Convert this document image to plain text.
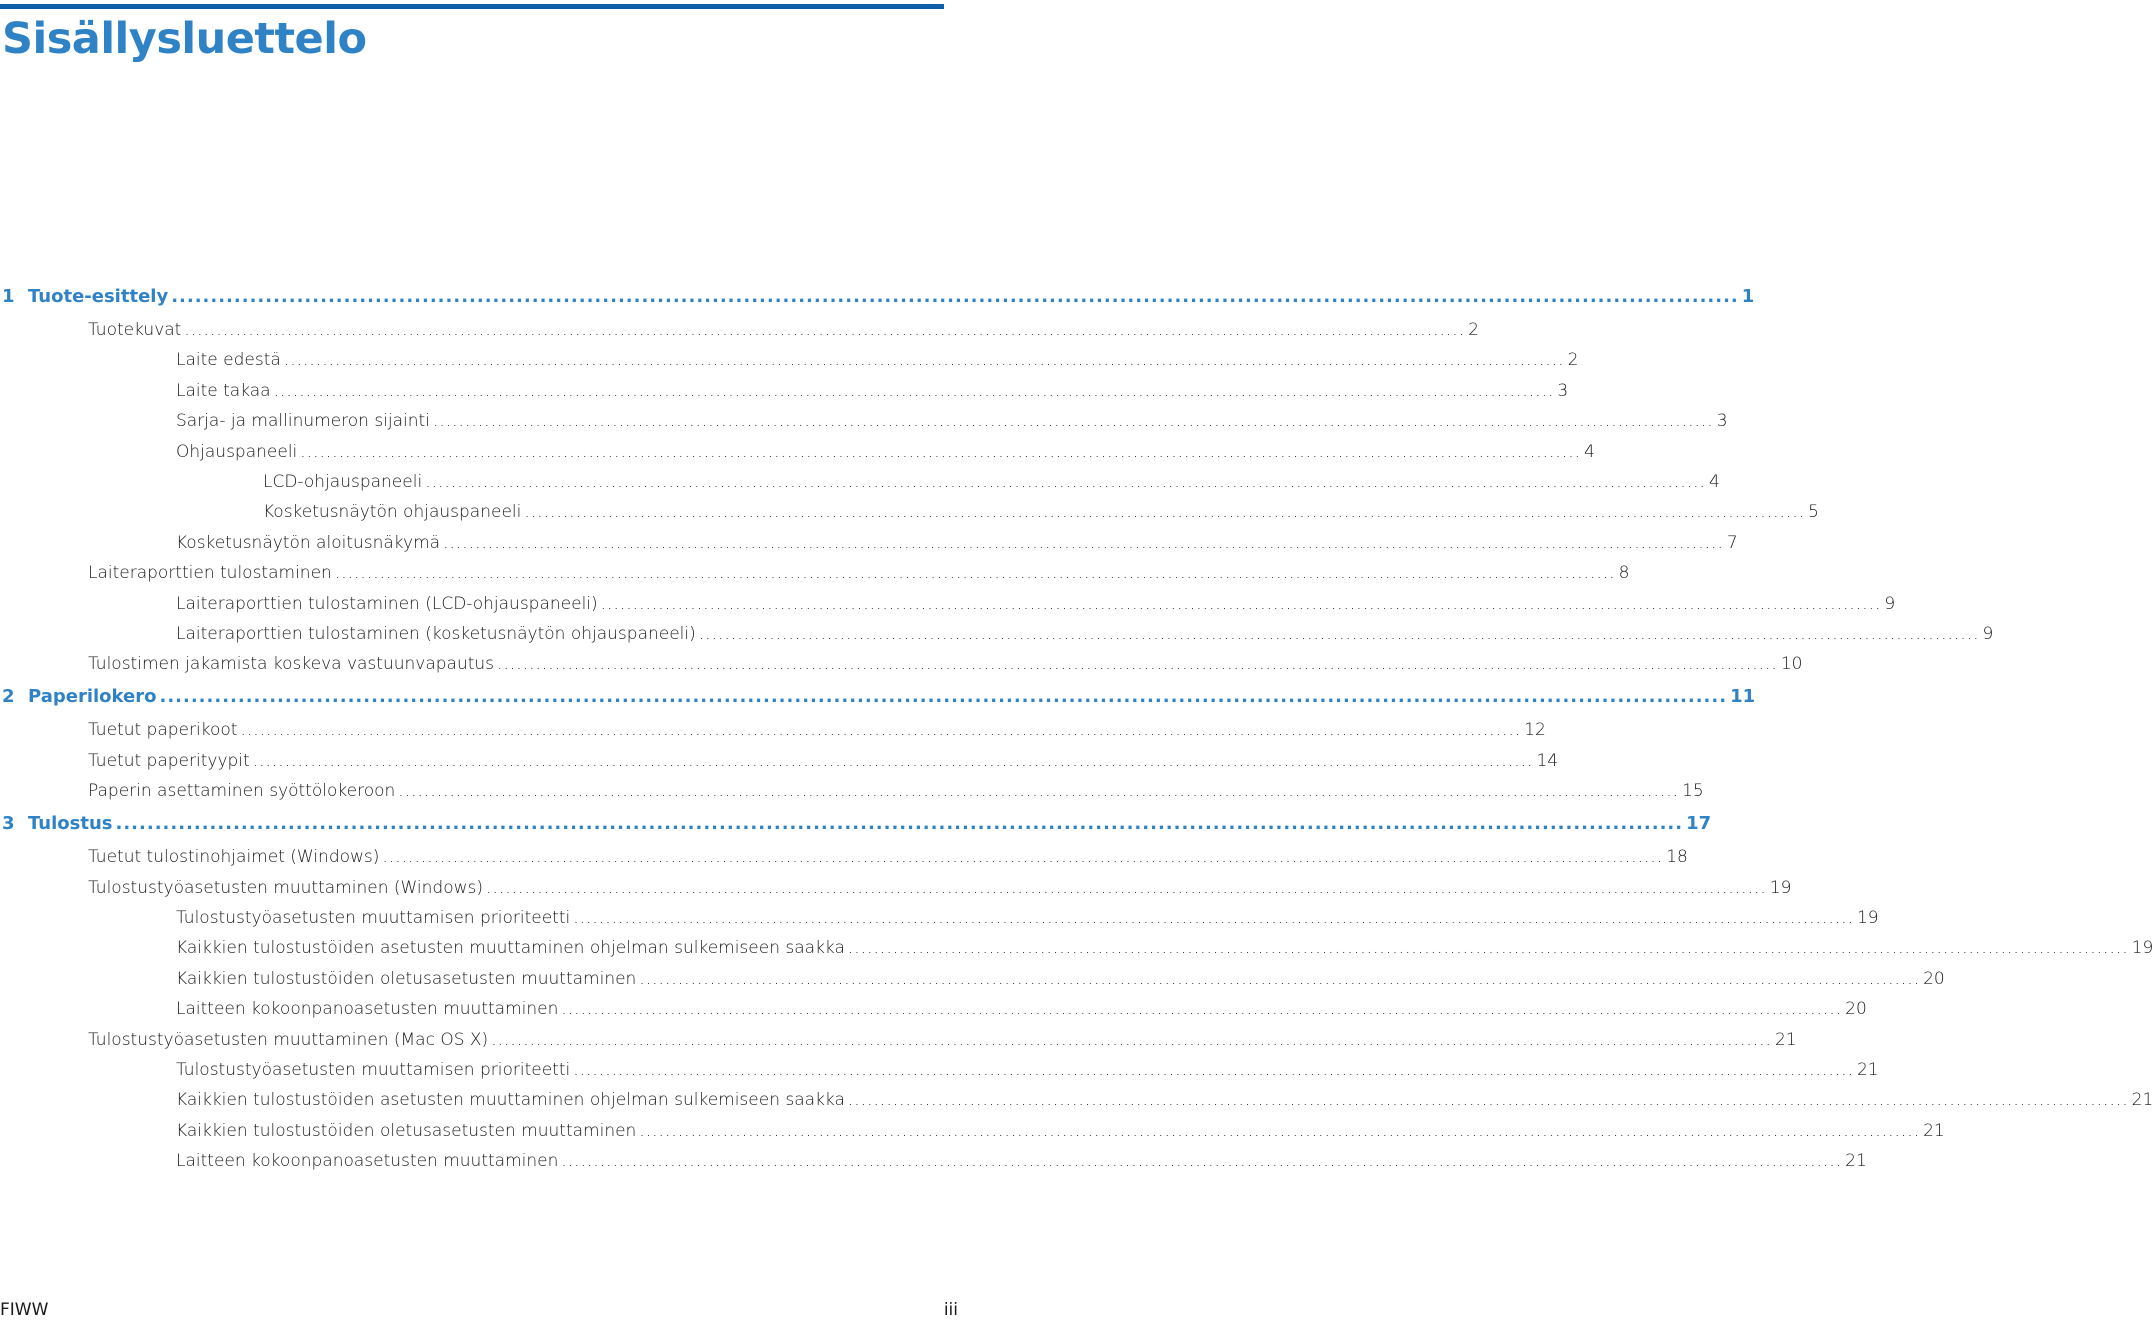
Sisällysluettelo
1 Tuote-esittely ........................................................................................................................................................................................................ 1
Tuotekuvat ........................................................................................................................................................................................................ 2
Laite edestä ........................................................................................................................................................................................................ 2
Laite takaa ........................................................................................................................................................................................................ 3
Sarja- ja mallinumeron sijainti ........................................................................................................................................................................................................ 3
Ohjauspaneeli ........................................................................................................................................................................................................ 4
LCD-ohjauspaneeli ........................................................................................................................................................................................................ 4
Kosketusnäytön ohjauspaneeli ........................................................................................................................................................................................................ 5
Kosketusnäytön aloitusnäkymä ........................................................................................................................................................................................................ 7
Laiteraporttien tulostaminen ........................................................................................................................................................................................................ 8
Laiteraporttien tulostaminen (LCD-ohjauspaneeli) ........................................................................................................................................................................................................ 9
Laiteraporttien tulostaminen (kosketusnäytön ohjauspaneeli) ........................................................................................................................................................................................................ 9
Tulostimen jakamista koskeva vastuunvapautus ........................................................................................................................................................................................................ 10
2 Paperilokero ........................................................................................................................................................................................................ 11
Tuetut paperikoot ........................................................................................................................................................................................................ 12
Tuetut paperityypit ........................................................................................................................................................................................................ 14
Paperin asettaminen syöttölokeroon ........................................................................................................................................................................................................ 15
3 Tulostus ........................................................................................................................................................................................................ 17
Tuetut tulostinohjaimet (Windows) ........................................................................................................................................................................................................ 18
Tulostustyöasetusten muuttaminen (Windows) ........................................................................................................................................................................................................ 19
Tulostustyöasetusten muuttamisen prioriteetti ........................................................................................................................................................................................................ 19
Kaikkien tulostustöiden asetusten muuttaminen ohjelman sulkemiseen saakka ........................................................................................................................................................................................................ 19
Kaikkien tulostustöiden oletusasetusten muuttaminen ........................................................................................................................................................................................................ 20
Laitteen kokoonpanoasetusten muuttaminen ........................................................................................................................................................................................................ 20
Tulostustyöasetusten muuttaminen (Mac OS X) ........................................................................................................................................................................................................ 21
Tulostustyöasetusten muuttamisen prioriteetti ........................................................................................................................................................................................................ 21
Kaikkien tulostustöiden asetusten muuttaminen ohjelman sulkemiseen saakka ........................................................................................................................................................................................................ 21
Kaikkien tulostustöiden oletusasetusten muuttaminen ........................................................................................................................................................................................................ 21
Laitteen kokoonpanoasetusten muuttaminen ........................................................................................................................................................................................................ 21
FIWW	iii
